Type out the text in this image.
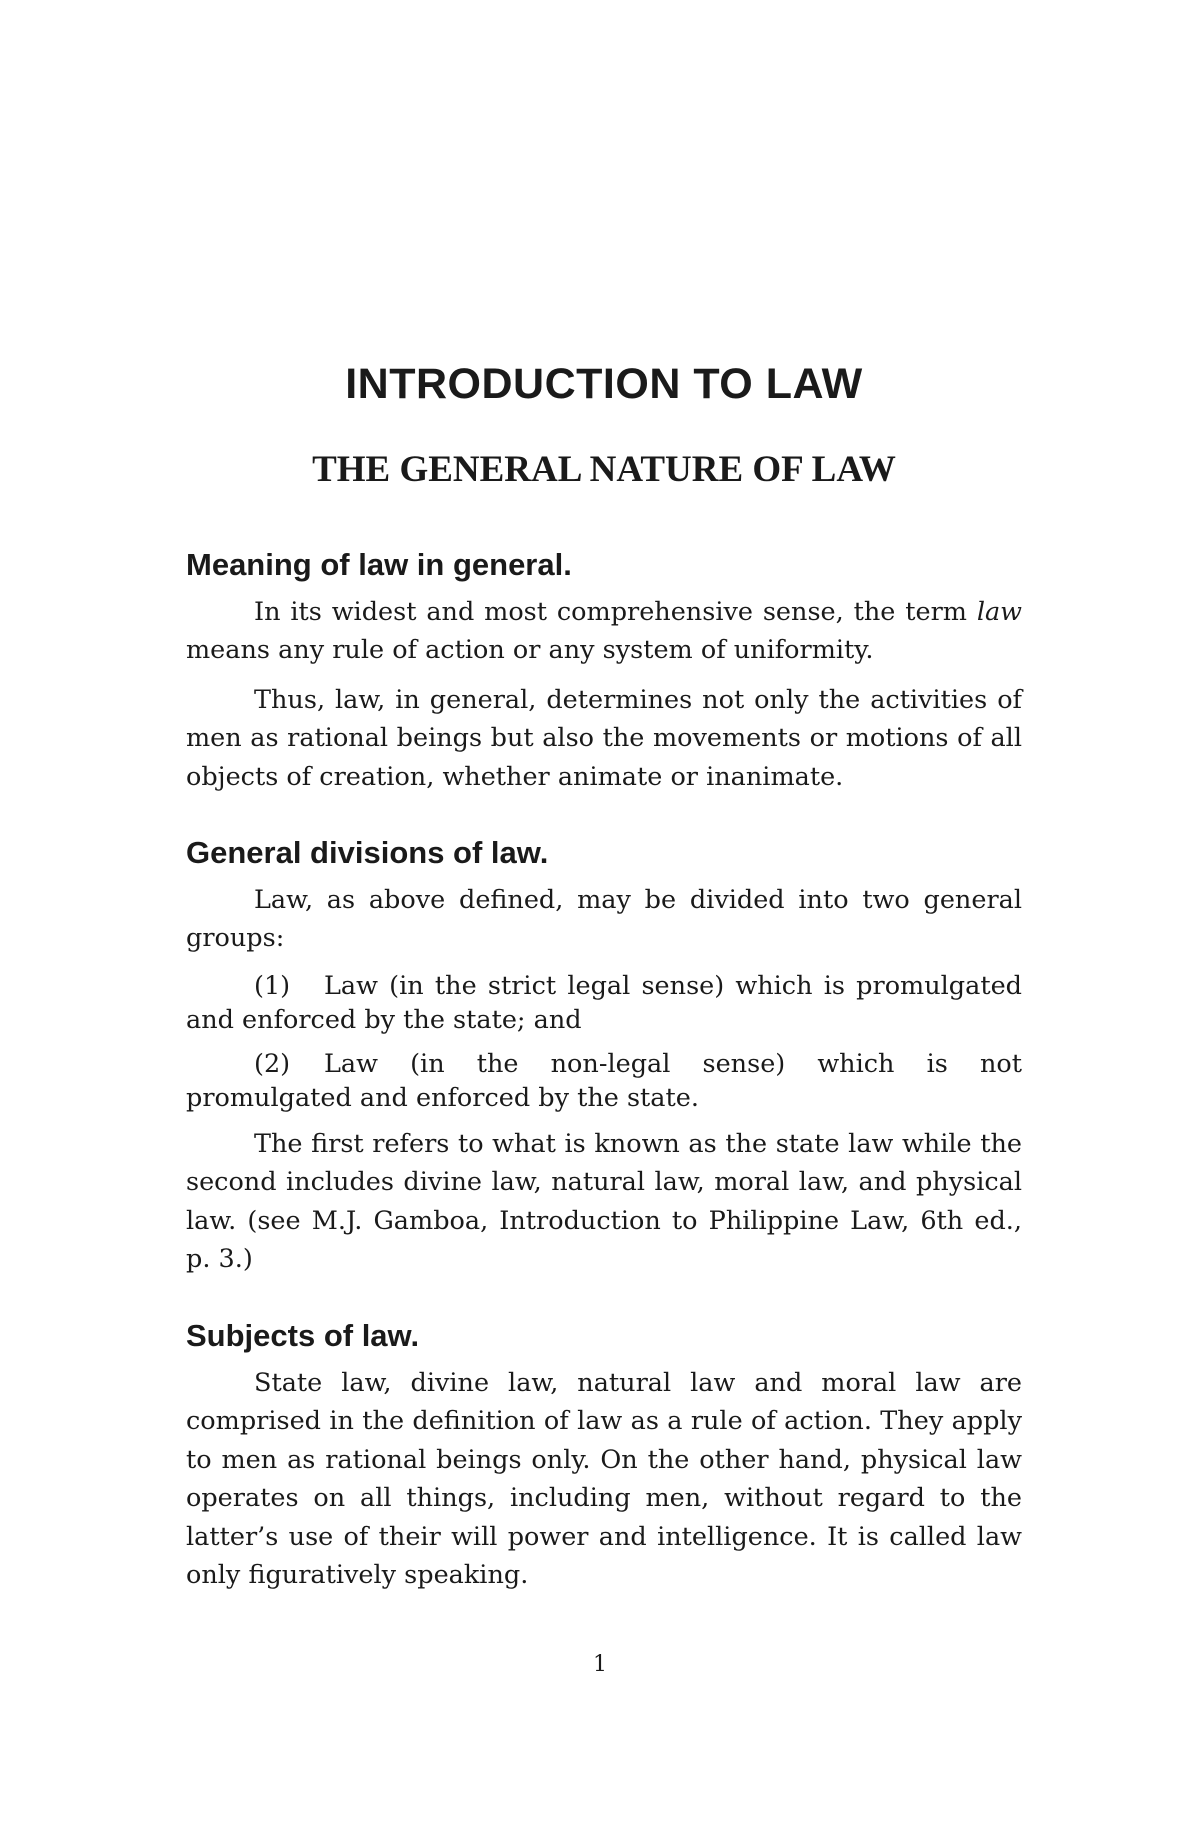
INTRODUCTION TO LAW
THE GENERAL NATURE OF LAW
Meaning of law in general.

In its widest and most comprehensive sense, the term law means any rule of action or any system of uniformity.

Thus, law, in general, determines not only the activities of men as rational beings but also the movements or motions of all objects of creation, whether animate or inanimate.

General divisions of law.

Law, as above defined, may be divided into two general groups:

(1) Law (in the strict legal sense) which is promulgated and enforced by the state; and

(2) Law (in the non-legal sense) which is not promulgated and enforced by the state.

The first refers to what is known as the state law while the second includes divine law, natural law, moral law, and physical law. (see M.J. Gamboa, Introduction to Philippine Law, 6th ed., p. 3.)

Subjects of law.

State law, divine law, natural law and moral law are comprised in the definition of law as a rule of action. They apply to men as rational beings only. On the other hand, physical law operates on all things, including men, without regard to the latter’s use of their will power and intelligence. It is called law only figuratively speaking.

1
